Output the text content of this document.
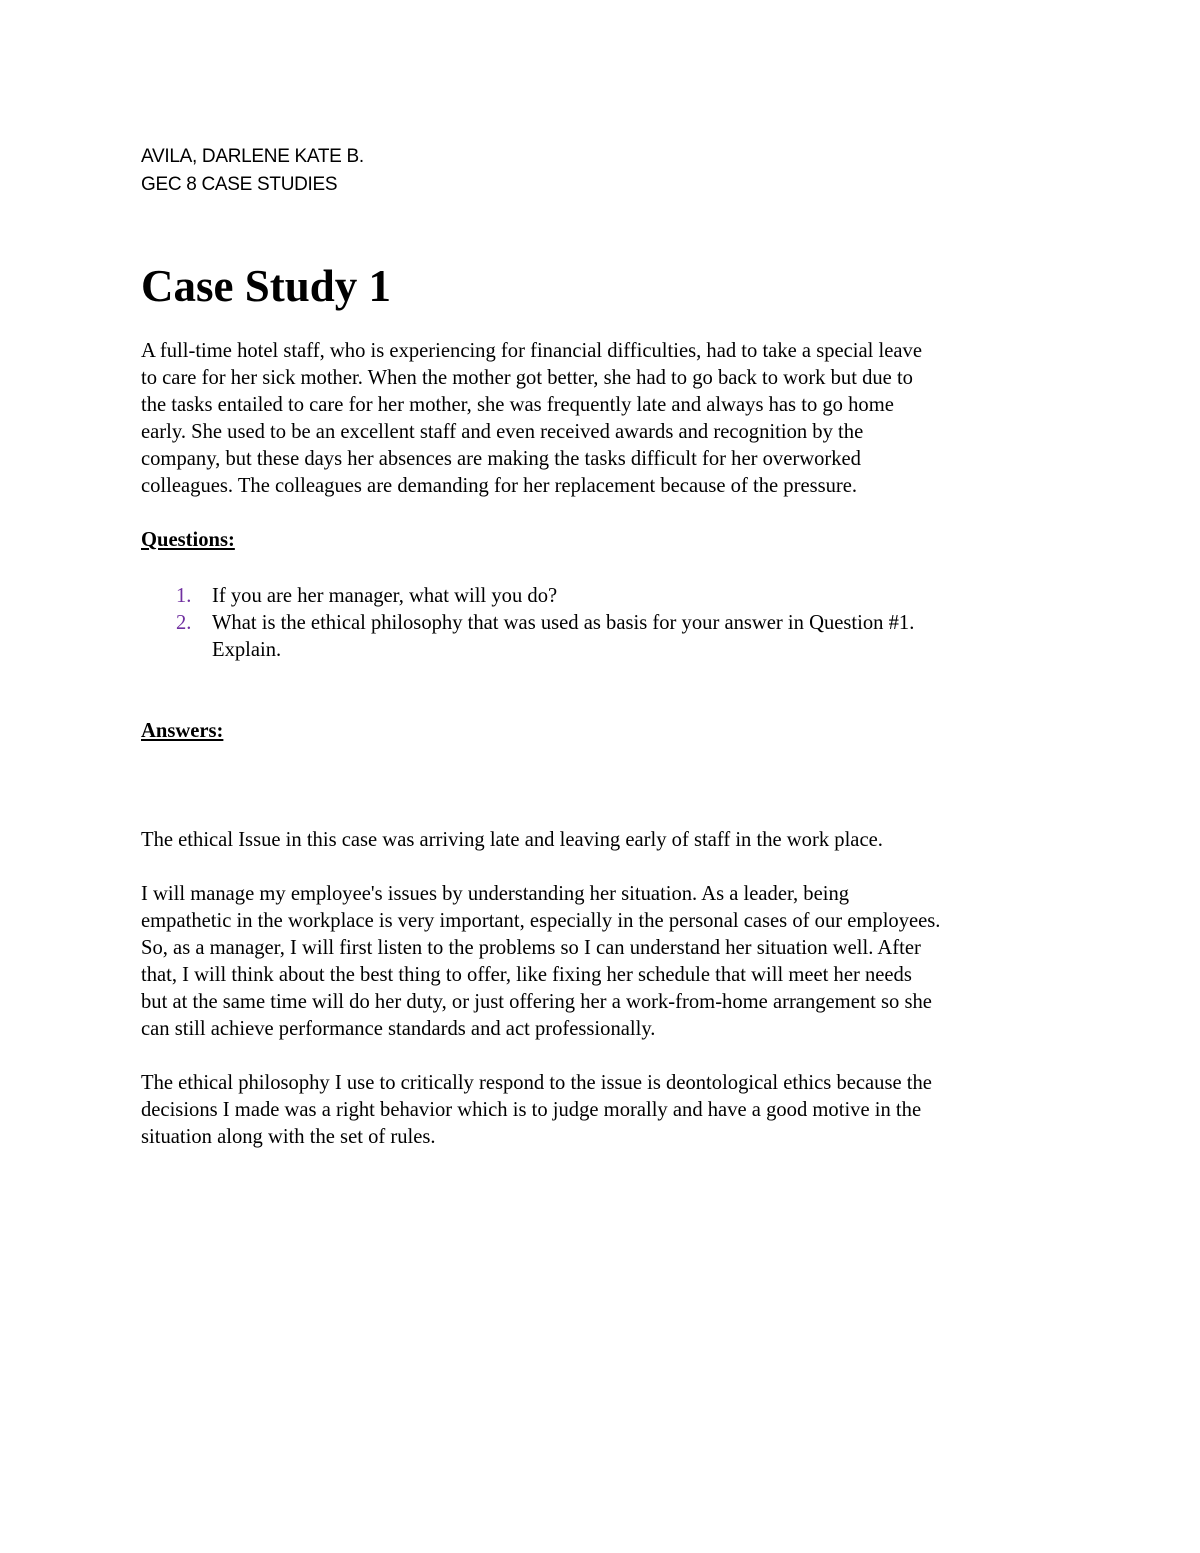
AVILA, DARLENE KATE B.
GEC 8 CASE STUDIES
Case Study 1

A full-time hotel staff, who is experiencing for financial difficulties, had to take a special leave
to care for her sick mother. When the mother got better, she had to go back to work but due to
the tasks entailed to care for her mother, she was frequently late and always has to go home
early. She used to be an excellent staff and even received awards and recognition by the
company, but these days her absences are making the tasks difficult for her overworked
colleagues. The colleagues are demanding for her replacement because of the pressure.

Questions:
1. If you are her manager, what will you do?
2. What is the ethical philosophy that was used as basis for your answer in Question #1.
Explain.
Answers:

The ethical Issue in this case was arriving late and leaving early of staff in the work place.

I will manage my employee's issues by understanding her situation. As a leader, being
empathetic in the workplace is very important, especially in the personal cases of our employees.
So, as a manager, I will first listen to the problems so I can understand her situation well. After
that, I will think about the best thing to offer, like fixing her schedule that will meet her needs
but at the same time will do her duty, or just offering her a work-from-home arrangement so she
can still achieve performance standards and act professionally.

The ethical philosophy I use to critically respond to the issue is deontological ethics because the
decisions I made was a right behavior which is to judge morally and have a good motive in the
situation along with the set of rules.
